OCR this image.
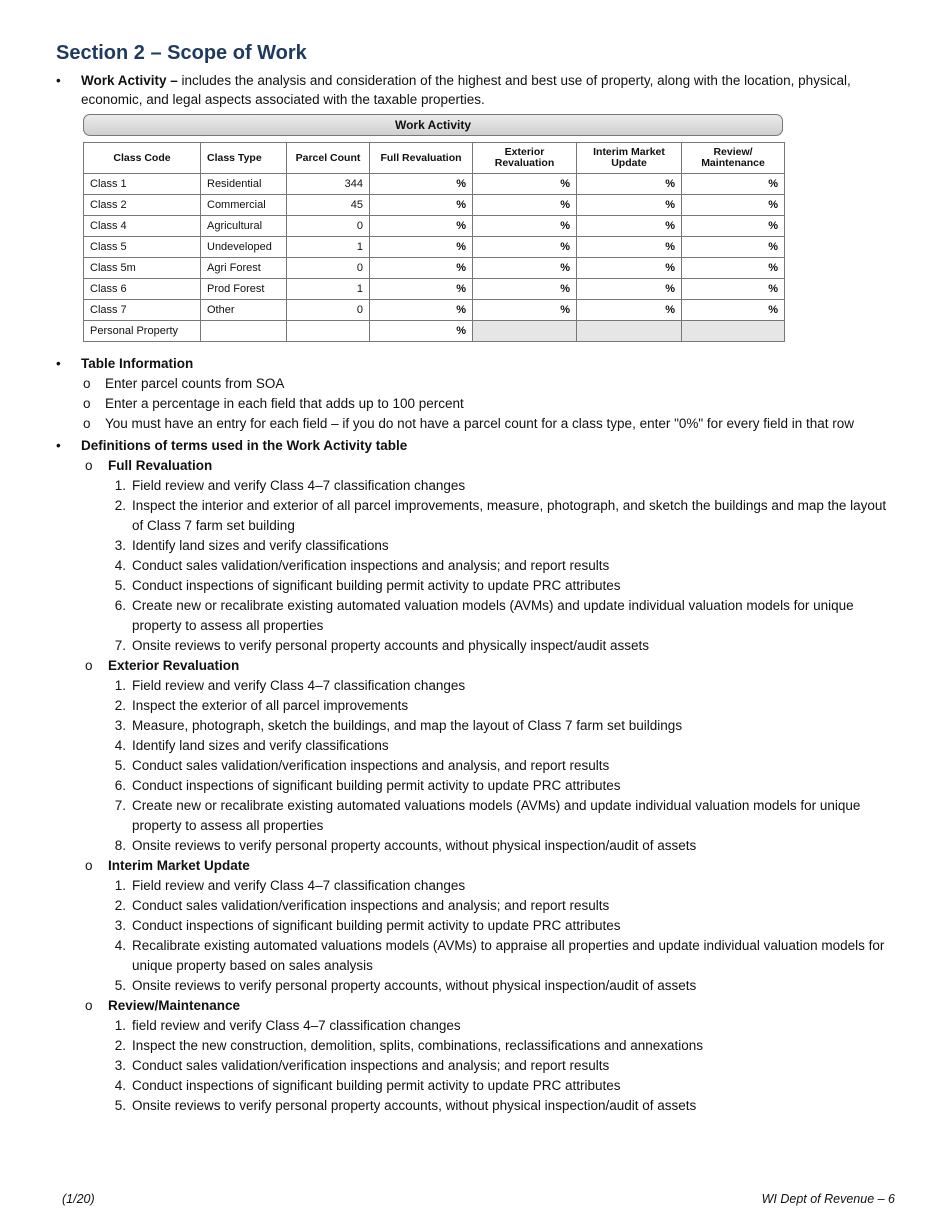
Section 2 – Scope of Work
•	Work Activity – includes the analysis and consideration of the highest and best use of property, along with the location, physical, economic, and legal aspects associated with the taxable properties.
Work Activity
Class Code	Class Type	Parcel Count	Full Revaluation	Exterior Revaluation	Interim Market Update	Review/ Maintenance
Class 1	Residential	344	%	%	%	%
Class 2	Commercial	45	%	%	%	%
Class 4	Agricultural	0	%	%	%	%
Class 5	Undeveloped	1	%	%	%	%
Class 5m	Agri Forest	0	%	%	%	%
Class 6	Prod Forest	1	%	%	%	%
Class 7	Other	0	%	%	%	%
Personal Property			%			
• Table Information
o Enter parcel counts from SOA
o Enter a percentage in each field that adds up to 100 percent
o You must have an entry for each field – if you do not have a parcel count for a class type, enter "0%" for every field in that row
• Definitions of terms used in the Work Activity table
o Full Revaluation
1. Field review and verify Class 4–7 classification changes
2. Inspect the interior and exterior of all parcel improvements, measure, photograph, and sketch the buildings and map the layout of Class 7 farm set building
3. Identify land sizes and verify classifications
4. Conduct sales validation/verification inspections and analysis; and report results
5. Conduct inspections of significant building permit activity to update PRC attributes
6. Create new or recalibrate existing automated valuation models (AVMs) and update individual valuation models for unique property to assess all properties
7. Onsite reviews to verify personal property accounts and physically inspect/audit assets
o Exterior Revaluation
1. Field review and verify Class 4–7 classification changes
2. Inspect the exterior of all parcel improvements
3. Measure, photograph, sketch the buildings, and map the layout of Class 7 farm set buildings
4. Identify land sizes and verify classifications
5. Conduct sales validation/verification inspections and analysis, and report results
6. Conduct inspections of significant building permit activity to update PRC attributes
7. Create new or recalibrate existing automated valuations models (AVMs) and update individual valuation models for unique property to assess all properties
8. Onsite reviews to verify personal property accounts, without physical inspection/audit of assets
o Interim Market Update
1. Field review and verify Class 4–7 classification changes
2. Conduct sales validation/verification inspections and analysis; and report results
3. Conduct inspections of significant building permit activity to update PRC attributes
4. Recalibrate existing automated valuations models (AVMs) to appraise all properties and update individual valuation models for unique property based on sales analysis
5. Onsite reviews to verify personal property accounts, without physical inspection/audit of assets
o Review/Maintenance
1. field review and verify Class 4–7 classification changes
2. Inspect the new construction, demolition, splits, combinations, reclassifications and annexations
3. Conduct sales validation/verification inspections and analysis; and report results
4. Conduct inspections of significant building permit activity to update PRC attributes
5. Onsite reviews to verify personal property accounts, without physical inspection/audit of assets
(1/20)	WI Dept of Revenue – 6
